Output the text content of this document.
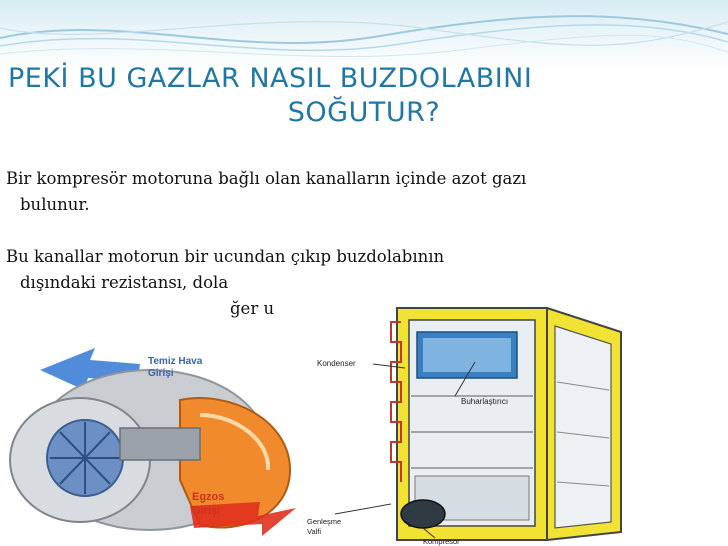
PEKİ BU GAZLAR NASIL BUZDOLABINI
SOĞUTUR?
Bir kompresör motoruna bağlı olan kanalların içinde azot gazı
bulunur.
Bu kanallar motorun bir ucundan çıkıp buzdolabının
dışındaki rezistansı, dola
ğer u
Temiz Hava
Girişi
Egzos
Girişi
Kondenser
Buharlaştırıcı
Genleşme
Valfi
Kompresör
